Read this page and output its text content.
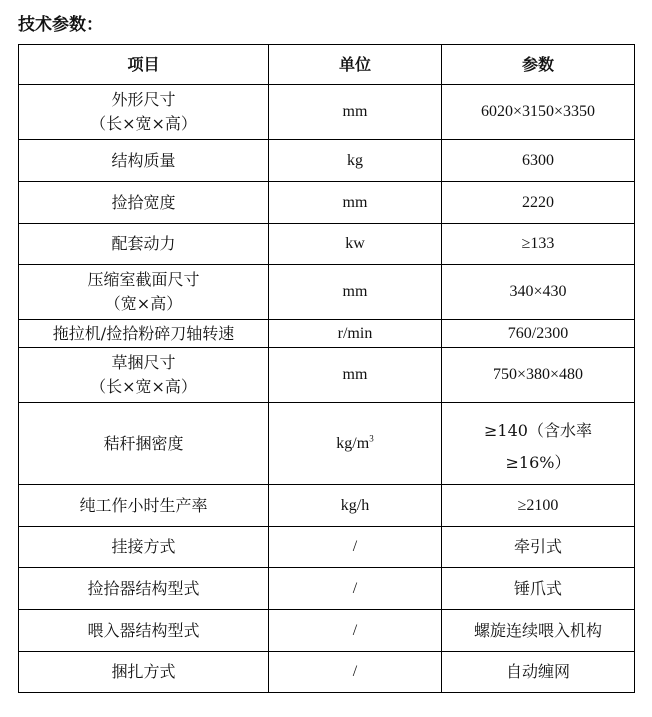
技术参数：
项目	单位	参数

外形尺寸
（长×宽×高）	mm	6020×3150×3350
结构质量	kg	6300
捡拾宽度	mm	2220
配套动力	kw	≥133

压缩室截面尺寸
（宽×高）	mm	340×430
拖拉机/捡拾粉碎刀轴转速	r/min	760/2300

草捆尺寸
（长×宽×高）	mm	750×380×480
秸秆捆密度	$kg/m^3$	≥140（含水率
≥16%）

纯工作小时生产率	kg/h	≥2100
挂接方式	/	牵引式
捡拾器结构型式	/	锤爪式
喂入器结构型式	/	螺旋连续喂入机构
捆扎方式	/	自动缠网
